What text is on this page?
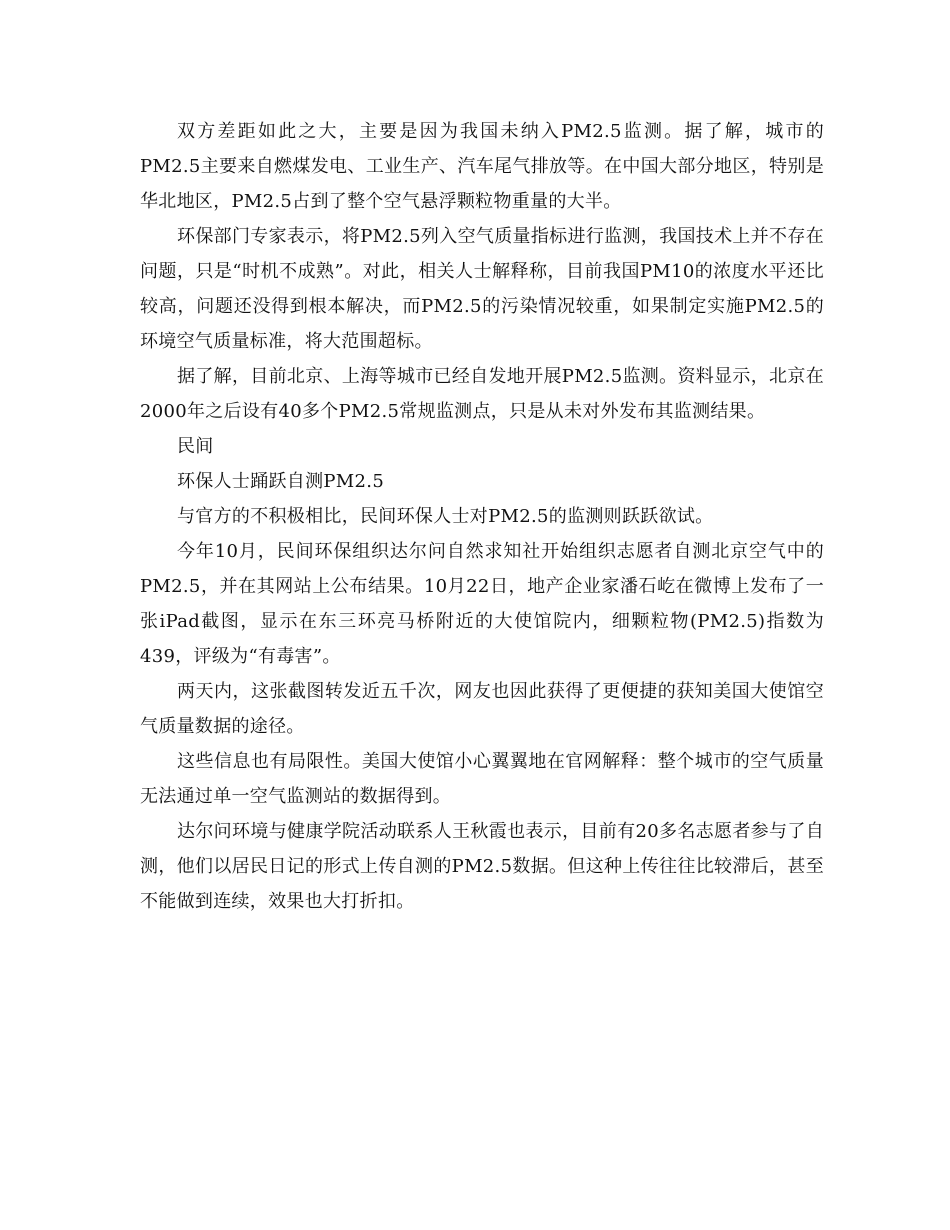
双方差距如此之大，主要是因为我国未纳入PM2.5监测。据了解，城市的PM2.5主要来自燃煤发电、工业生产、汽车尾气排放等。在中国大部分地区，特别是华北地区，PM2.5占到了整个空气悬浮颗粒物重量的大半。

环保部门专家表示，将PM2.5列入空气质量指标进行监测，我国技术上并不存在问题，只是“时机不成熟”。对此，相关人士解释称，目前我国PM10的浓度水平还比较高，问题还没得到根本解决，而PM2.5的污染情况较重，如果制定实施PM2.5的环境空气质量标准，将大范围超标。

据了解，目前北京、上海等城市已经自发地开展PM2.5监测。资料显示，北京在2000年之后设有40多个PM2.5常规监测点，只是从未对外发布其监测结果。

民间

环保人士踊跃自测PM2.5

与官方的不积极相比，民间环保人士对PM2.5的监测则跃跃欲试。

今年10月，民间环保组织达尔问自然求知社开始组织志愿者自测北京空气中的PM2.5，并在其网站上公布结果。10月22日，地产企业家潘石屹在微博上发布了一张iPad截图，显示在东三环亮马桥附近的大使馆院内，细颗粒物(PM2.5)指数为439，评级为“有毒害”。

两天内，这张截图转发近五千次，网友也因此获得了更便捷的获知美国大使馆空气质量数据的途径。

这些信息也有局限性。美国大使馆小心翼翼地在官网解释：整个城市的空气质量无法通过单一空气监测站的数据得到。

达尔问环境与健康学院活动联系人王秋霞也表示，目前有20多名志愿者参与了自测，他们以居民日记的形式上传自测的PM2.5数据。但这种上传往往比较滞后，甚至不能做到连续，效果也大打折扣。
